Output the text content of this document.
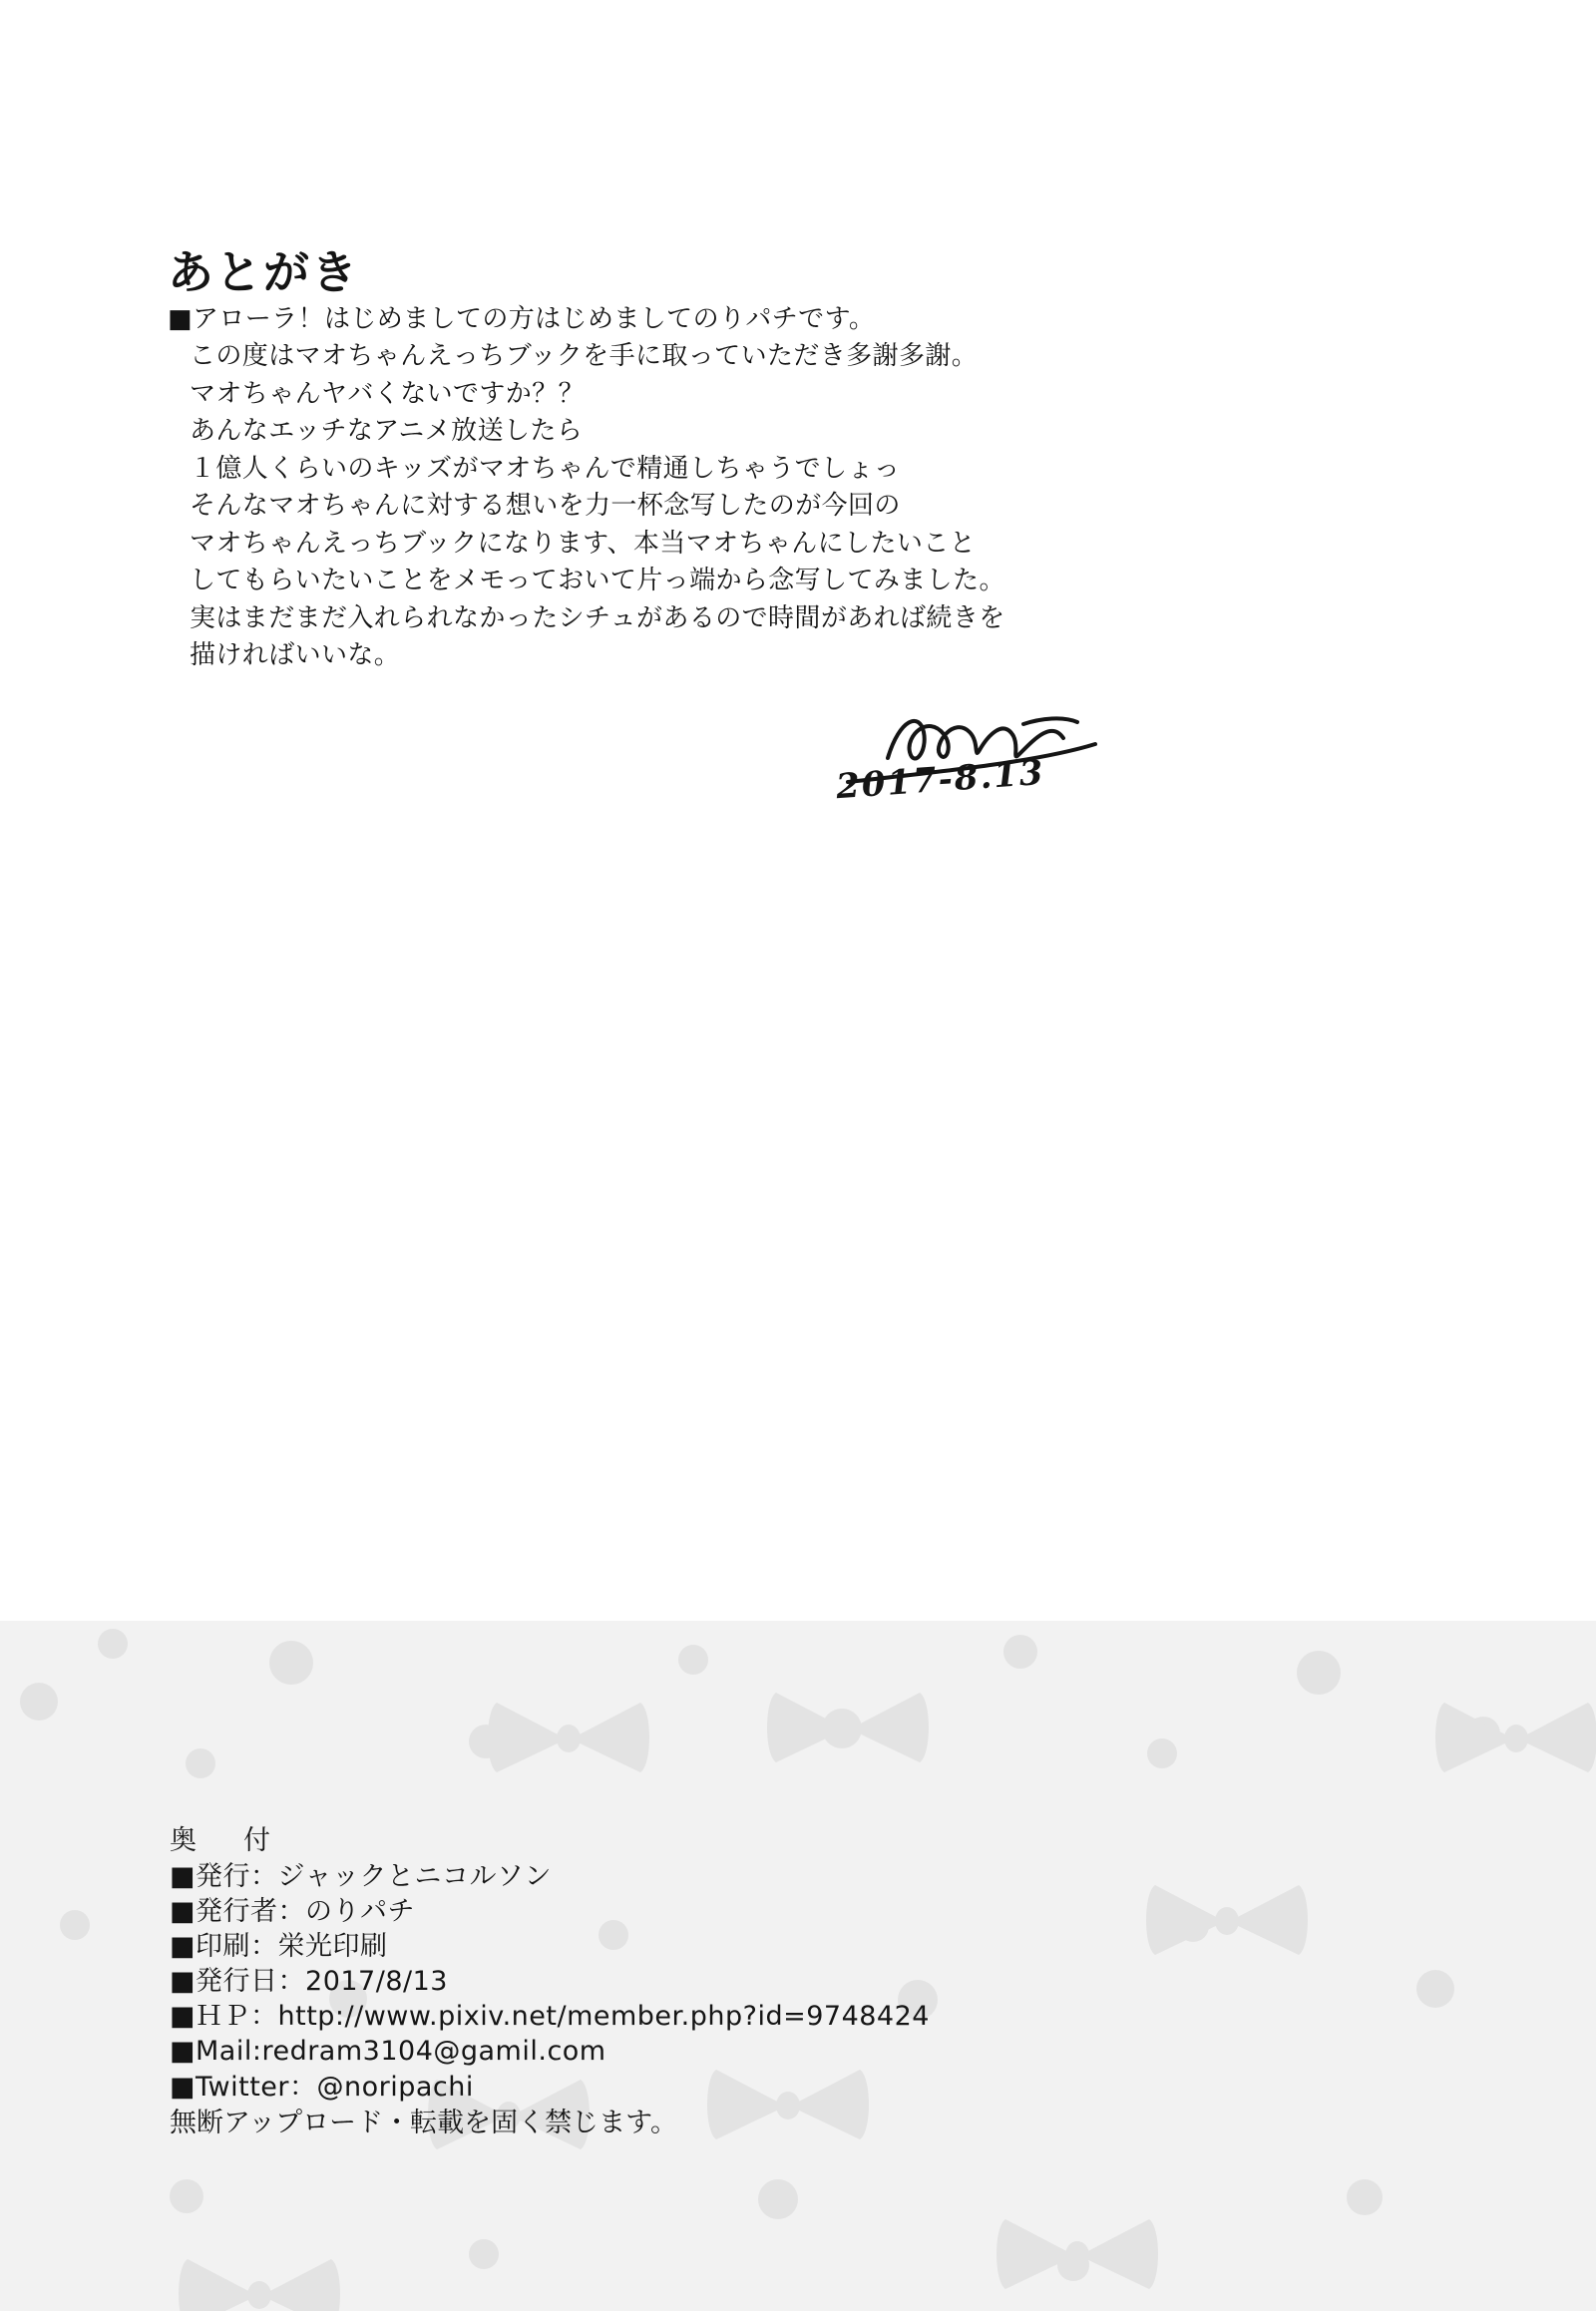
あとがき

■アローラ！はじめましての方はじめましてのりパチです。

この度はマオちゃんえっちブックを手に取っていただき多謝多謝。

マオちゃんヤバくないですか？？

あんなエッチなアニメ放送したら

１億人くらいのキッズがマオちゃんで精通しちゃうでしょっ

そんなマオちゃんに対する想いを力一杯念写したのが今回の

マオちゃんえっちブックになります、本当マオちゃんにしたいこと

してもらいたいことをメモっておいて片っ端から念写してみました。

実はまだまだ入れられなかったシチュがあるので時間があれば続きを

描ければいいな。

2017-8.13
奥　付
■発行：ジャックとニコルソン
■発行者：のりパチ
■印刷：栄光印刷
■発行日：2017/8/13
■ＨＰ：http://www.pixiv.net/member.php?id=9748424
■Mail:redram3104@gamil.com
■Twitter：@noripachi
無断アップロード・転載を固く禁じます。
